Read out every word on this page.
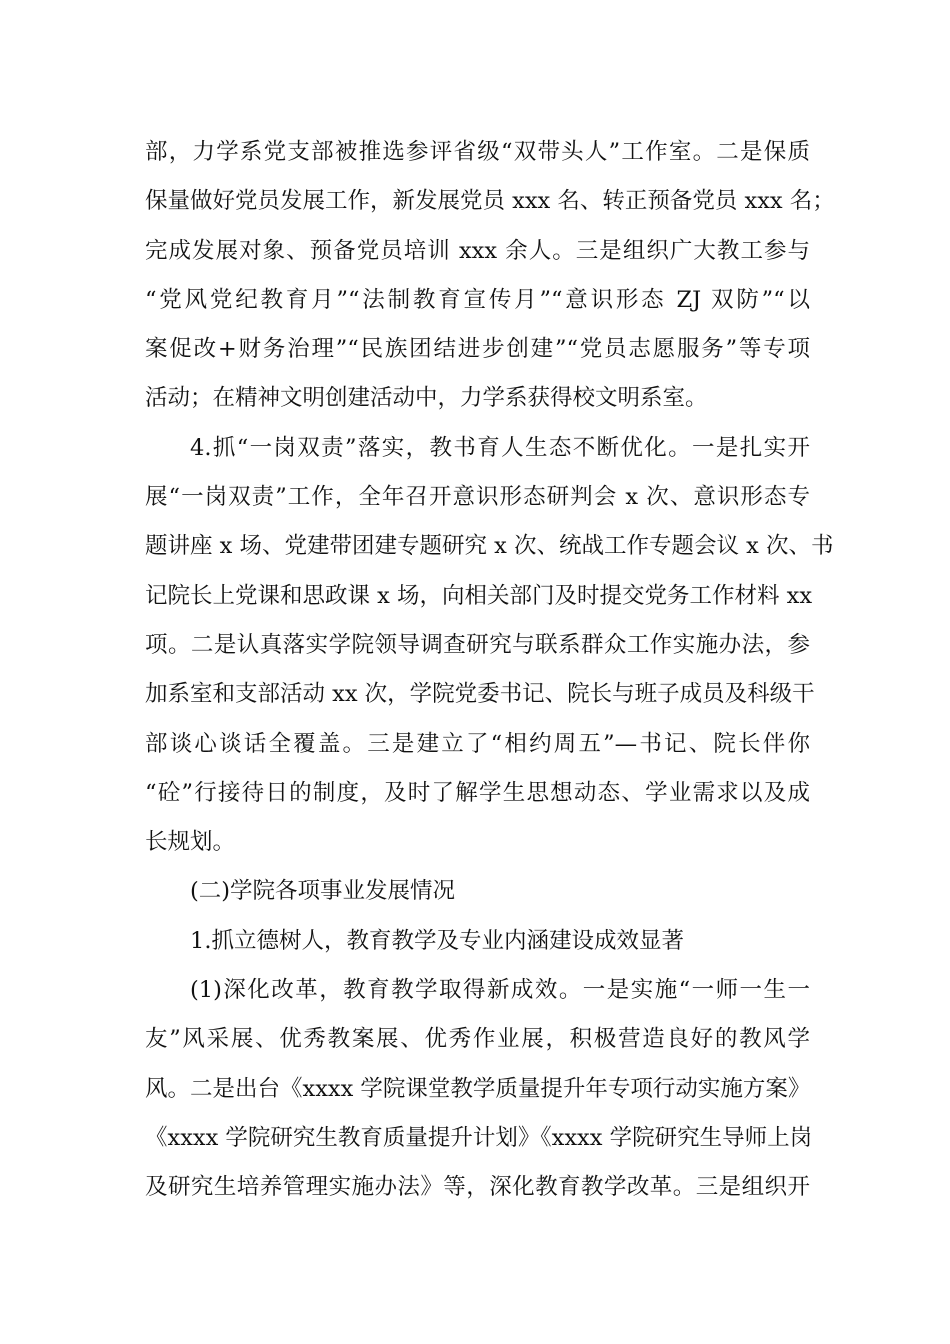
部，力学系党支部被推选参评省级“双带头人”工作室。二是保质
保量做好党员发展工作，新发展党员 xxx 名、转正预备党员 xxx 名；
完成发展对象、预备党员培训 xxx 余人。三是组织广大教工参与
“党风党纪教育月”“法制教育宣传月”“意识形态 ZJ 双防”“以
案促改+财务治理”“民族团结进步创建”“党员志愿服务”等专项
活动；在精神文明创建活动中，力学系获得校文明系室。
4.抓“一岗双责”落实，教书育人生态不断优化。一是扎实开
展“一岗双责”工作，全年召开意识形态研判会 x 次、意识形态专
题讲座 x 场、党建带团建专题研究 x 次、统战工作专题会议 x 次、书
记院长上党课和思政课 x 场，向相关部门及时提交党务工作材料 xx
项。二是认真落实学院领导调查研究与联系群众工作实施办法，参
加系室和支部活动 xx 次，学院党委书记、院长与班子成员及科级干
部谈心谈话全覆盖。三是建立了“相约周五”—书记、院长伴你
“砼”行接待日的制度，及时了解学生思想动态、学业需求以及成
长规划。
(二)学院各项事业发展情况
1.抓立德树人，教育教学及专业内涵建设成效显著
(1)深化改革，教育教学取得新成效。一是实施“一师一生一
友”风采展、优秀教案展、优秀作业展，积极营造良好的教风学
风。二是出台《xxxx 学院课堂教学质量提升年专项行动实施方案》
《xxxx 学院研究生教育质量提升计划》《xxxx 学院研究生导师上岗
及研究生培养管理实施办法》等，深化教育教学改革。三是组织开
